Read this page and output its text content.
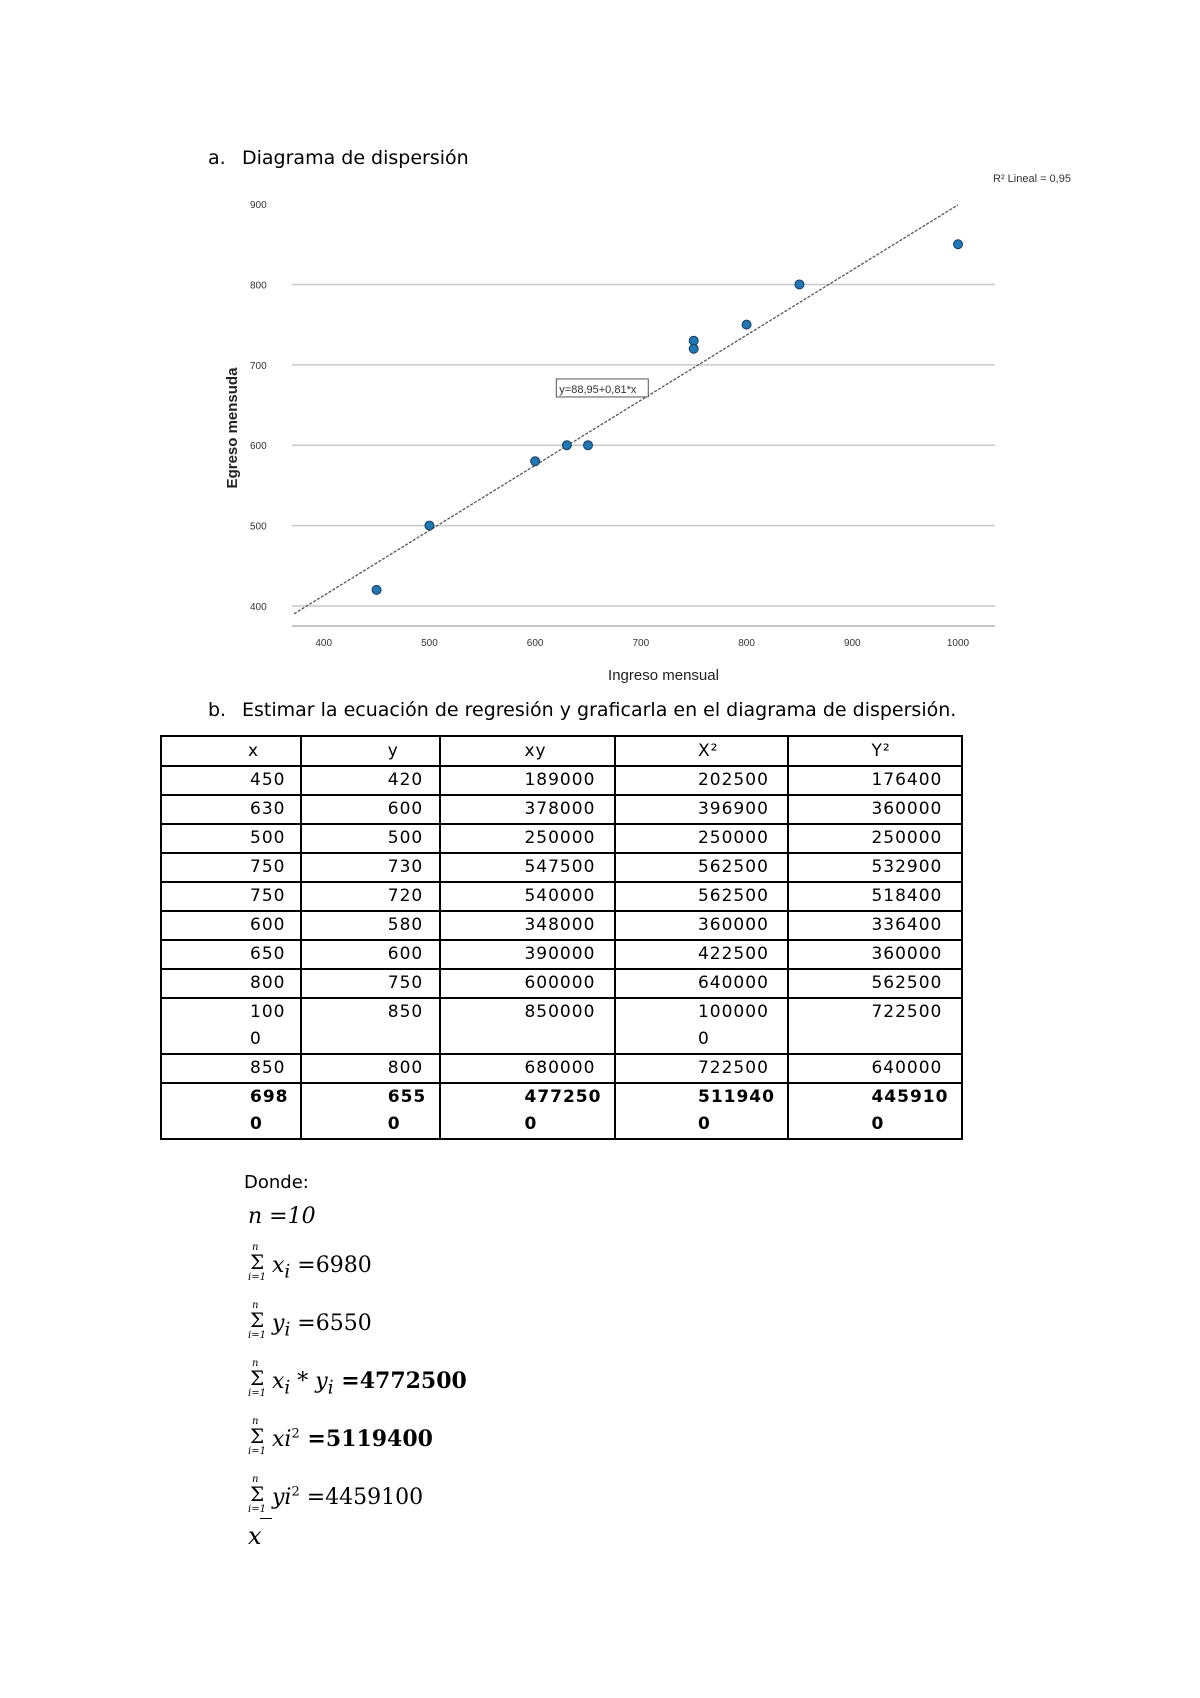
a. Diagrama de dispersión
400
500
600
700
800
900
400	500	600	700	800	900	1000
Ingreso mensual
Egreso mensuda	y=88,95+0,81*x
R² Lineal = 0,95
b. Estimar la ecuación de regresión y graficarla en el diagrama de dispersión.
x	y	xy	X²	Y²
450	420	189000	202500	176400
630	600	378000	396900	360000
500	500	250000	250000	250000
750	730	547500	562500	532900
750	720	540000	562500	518400
600	580	348000	360000	336400
650	600	390000	422500	360000
800	750	600000	640000	562500
1000	850	850000	1000000	722500
850	800	680000	722500	640000
6980	6550	4772500	5119400	4459100
Donde:
n =10
n
Σ
i=1 $x_i =6980$
n
Σ
i=1 $y_i =6550$
n
Σ
i=1 $x_i * y_i =4772500$
n
Σ
i=1 $xi^2 =5119400$
n
Σ
i=1 $yi^2 =4459100$
x
